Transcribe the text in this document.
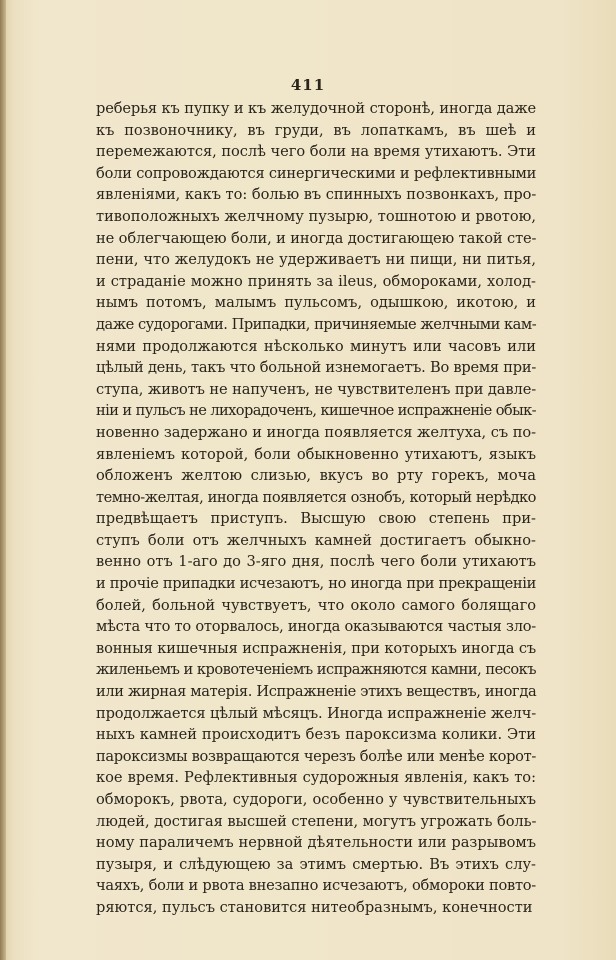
411
реберья къ пупку и къ желудочной сторонѣ, иногда даже
къ позвоночнику, въ груди, въ лопаткамъ, въ шеѣ и
перемежаются, послѣ чего боли на время утихаютъ. Эти
боли сопровождаются синергическими и рефлективными
явленіями, какъ то: болью въ спинныхъ позвонкахъ, про-
тивоположныхъ желчному пузырю, тошнотою и рвотою,
не облегчающею боли, и иногда достигающею такой сте-
пени, что желудокъ не удерживаетъ ни пищи, ни питья,
и страданіе можно принять за ileus, обмороками, холод-
нымъ потомъ, малымъ пульсомъ, одышкою, икотою, и
даже судорогами. Припадки, причиняемые желчными кам-
нями продолжаются нѣсколько минутъ или часовъ или
цѣлый день, такъ что больной изнемогаетъ. Во время при-
ступа, животъ не напученъ, не чувствителенъ при давле-
ніи и пульсъ не лихорадоченъ, кишечное испражненіе обык-
новенно задержано и иногда появляется желтуха, съ по-
явленіемъ которой, боли обыкновенно утихаютъ, языкъ
обложенъ желтою слизью, вкусъ во рту горекъ, моча
темно-желтая, иногда появляется ознобъ, который нерѣдко
предвѣщаетъ приступъ. Высшую свою степень при-
ступъ боли отъ желчныхъ камней достигаетъ обыкно-
венно отъ 1-аго до 3-яго дня, послѣ чего боли утихаютъ
и прочіе припадки исчезаютъ, но иногда при прекращеніи
болей, больной чувствуетъ, что около самого болящаго
мѣста что то оторвалось, иногда оказываются частыя зло-
вонныя кишечныя испражненія, при которыхъ иногда съ
жиленьемъ и кровотеченіемъ испражняются камни, песокъ
или жирная матерія. Испражненіе этихъ веществъ, иногда
продолжается цѣлый мѣсяцъ. Иногда испражненіе желч-
ныхъ камней происходитъ безъ пароксизма колики. Эти
пароксизмы возвращаются черезъ болѣе или менѣе корот-
кое время. Рефлективныя судорожныя явленія, какъ то:
обморокъ, рвота, судороги, особенно у чувствительныхъ
людей, достигая высшей степени, могутъ угрожать боль-
ному параличемъ нервной дѣятельности или разрывомъ
пузыря, и слѣдующею за этимъ смертью. Въ этихъ слу-
чаяхъ, боли и рвота внезапно исчезаютъ, обмороки повто-
ряются, пульсъ становится нитеобразнымъ, конечности
